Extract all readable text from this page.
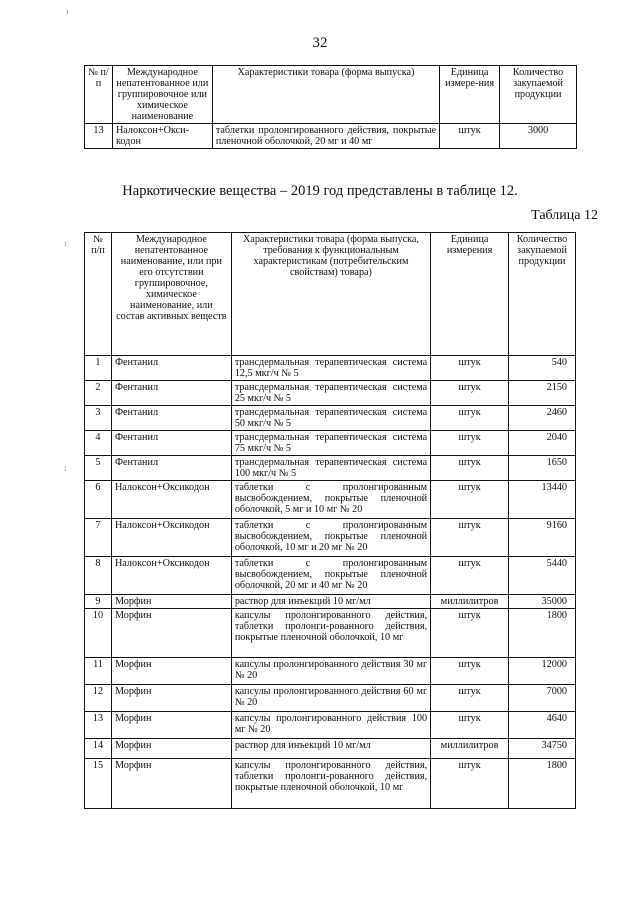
32
№ п/п	Международное непатентованное или группировочное или химическое наименование	Характеристики товара (форма выпуска)	Единица измере-ния	Количество закупаемой продукции
13	Налоксон+Окси-кодон	таблетки пролонгированного действия, покрытые пленочной оболочкой, 20 мг и 40 мг	штук	3000
Наркотические вещества – 2019 год представлены в таблице 12.
Таблица 12
№ п/п	Международное непатентованное наименование, или при его отсутствии группировочное, химическое наименование, или состав активных веществ	Характеристики товара (форма выпуска, требования к функциональным характеристикам (потребительским свойствам) товара)	Единица измерения	Количество закупаемой продукции
1	Фентанил	трансдермальная терапевтическая система 12,5 мкг/ч № 5	штук	540
2	Фентанил	трансдермальная терапевтическая система 25 мкг/ч № 5	штук	2150
3	Фентанил	трансдермальная терапевтическая система 50 мкг/ч № 5	штук	2460
4	Фентанил	трансдермальная терапевтическая система 75 мкг/ч № 5	штук	2040
5	Фентанил	трансдермальная терапевтическая система 100 мкг/ч № 5	штук	1650
6	Налоксон+Оксикодон	таблетки с пролонгированным высвобождением, покрытые пленочной оболочкой, 5 мг и 10 мг № 20	штук	13440
7	Налоксон+Оксикодон	таблетки с пролонгированным высвобождением, покрытые пленочной оболочкой, 10 мг и 20 мг № 20	штук	9160
8	Налоксон+Оксикодон	таблетки с пролонгированным высвобождением, покрытые пленочной оболочкой, 20 мг и 40 мг № 20	штук	5440
9	Морфин	раствор для инъекций 10 мг/мл	миллилитров	35000
10	Морфин	капсулы пролонгированного действия, таблетки пролонги-рованного действия, покрытые пленочной оболочкой, 10 мг	штук	1800
11	Морфин	капсулы пролонгированного действия 30 мг № 20	штук	12000
12	Морфин	капсулы пролонгированного действия 60 мг № 20	штук	7000
13	Морфин	капсулы пролонгированного действия 100 мг № 20	штук	4640
14	Морфин	раствор для инъекций 10 мг/мл	миллилитров	34750
15	Морфин	капсулы пролонгированного действия, таблетки пролонги-рованного действия, покрытые пленочной оболочкой, 10 мг	штук	1800
ı
ı
ı
